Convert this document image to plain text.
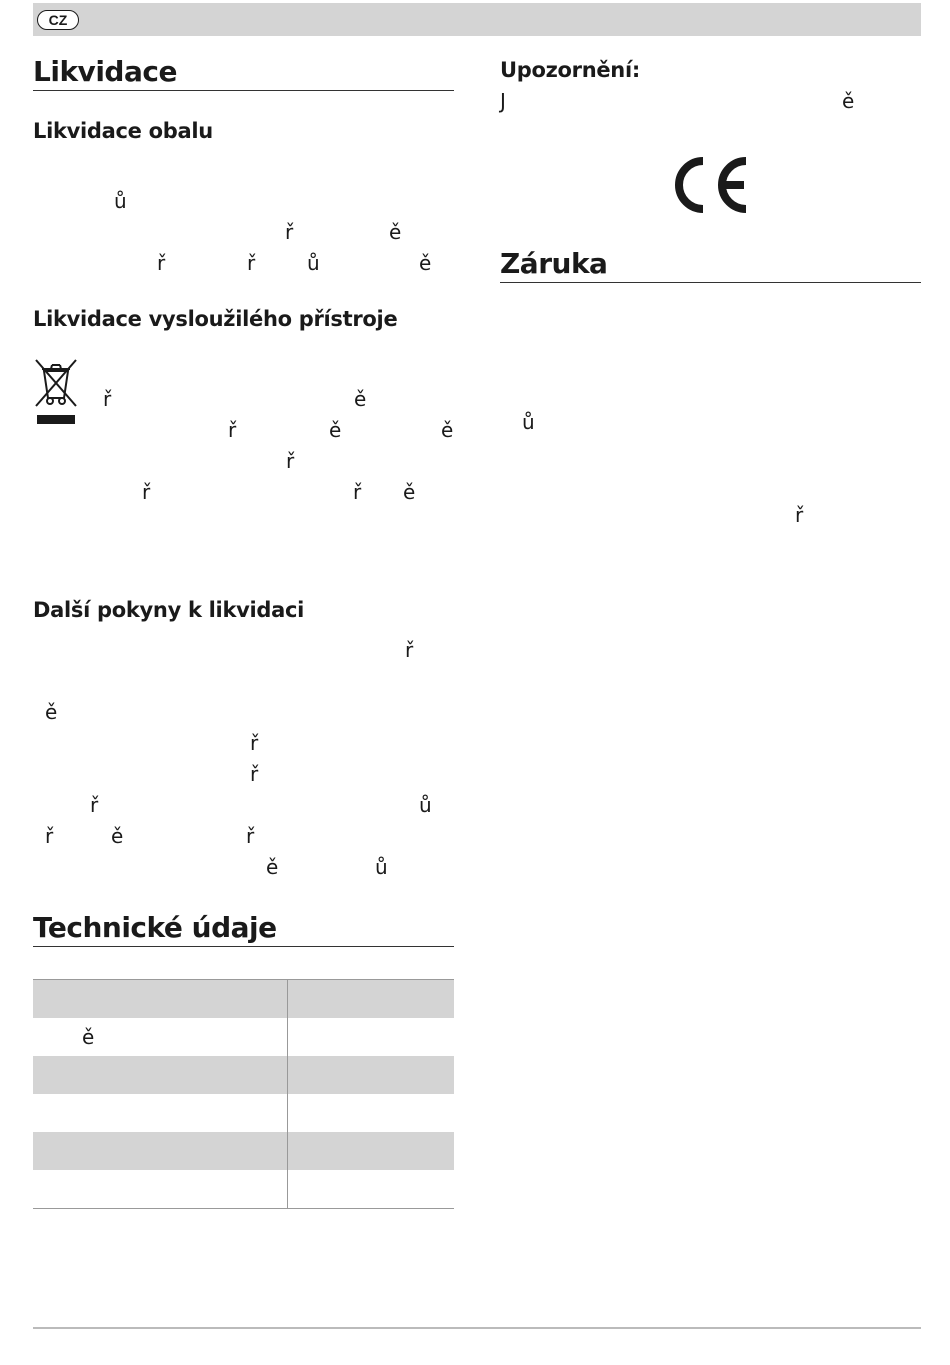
CZ
Likvidace
Likvidace obalu
ů
ř	ě
ř	ř	ů	ě
Likvidace vysloužilého přístroje
ř	ě
ř	ě	ě
ř
ř	ř ě
Další pokyny k likvidaci
ř
ě
ř
ř
ř	ů
ř	ě	ř
ě	ů
Technické údaje

ě	

Upozornění:
J	ě
Záruka
ů
ř
